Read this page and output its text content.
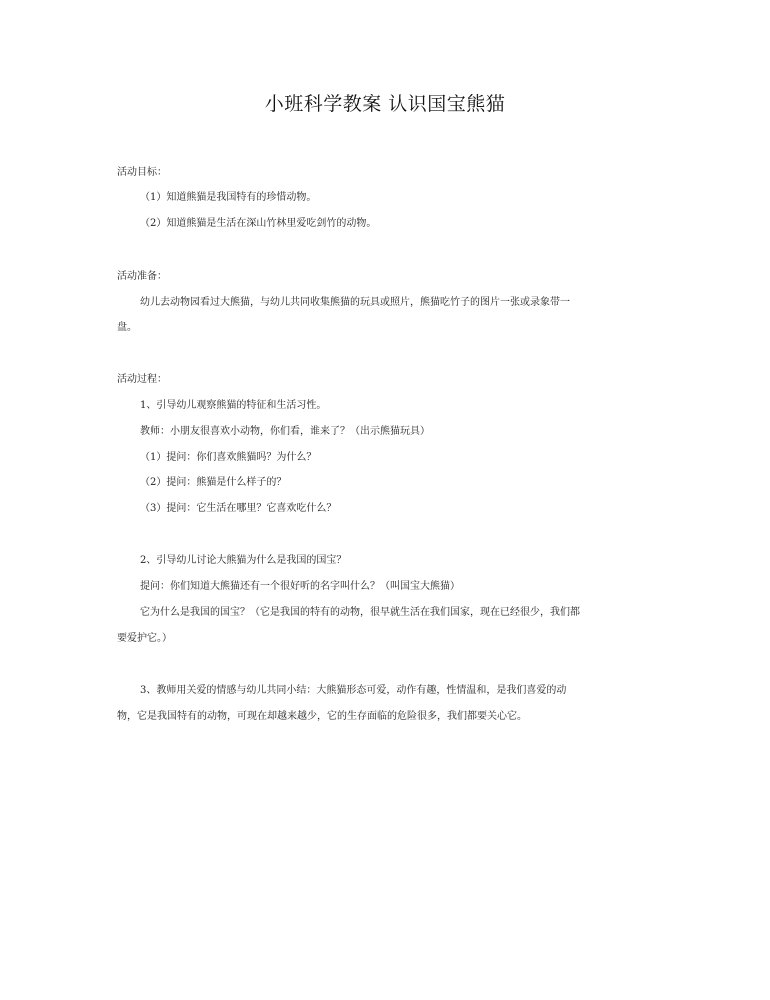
小班科学教案 认识国宝熊猫
活动目标：
（1）知道熊猫是我国特有的珍惜动物。
（2）知道熊猫是生活在深山竹林里爱吃剑竹的动物。
活动准备：
幼儿去动物园看过大熊猫，与幼儿共同收集熊猫的玩具或照片，熊猫吃竹子的图片一张或录象带一
盘。
活动过程：
1、引导幼儿观察熊猫的特征和生活习性。
教师：小朋友很喜欢小动物，你们看，谁来了？（出示熊猫玩具）
（1）提问：你们喜欢熊猫吗？为什么？
（2）提问：熊猫是什么样子的？
（3）提问：它生活在哪里？它喜欢吃什么？
2、引导幼儿讨论大熊猫为什么是我国的国宝？
提问：你们知道大熊猫还有一个很好听的名字叫什么？（叫国宝大熊猫）
它为什么是我国的国宝？（它是我国的特有的动物，很早就生活在我们国家，现在已经很少，我们都
要爱护它。）
3、教师用关爱的情感与幼儿共同小结：大熊猫形态可爱，动作有趣，性情温和，是我们喜爱的动
物，它是我国特有的动物，可现在却越来越少，它的生存面临的危险很多，我们都要关心它。
